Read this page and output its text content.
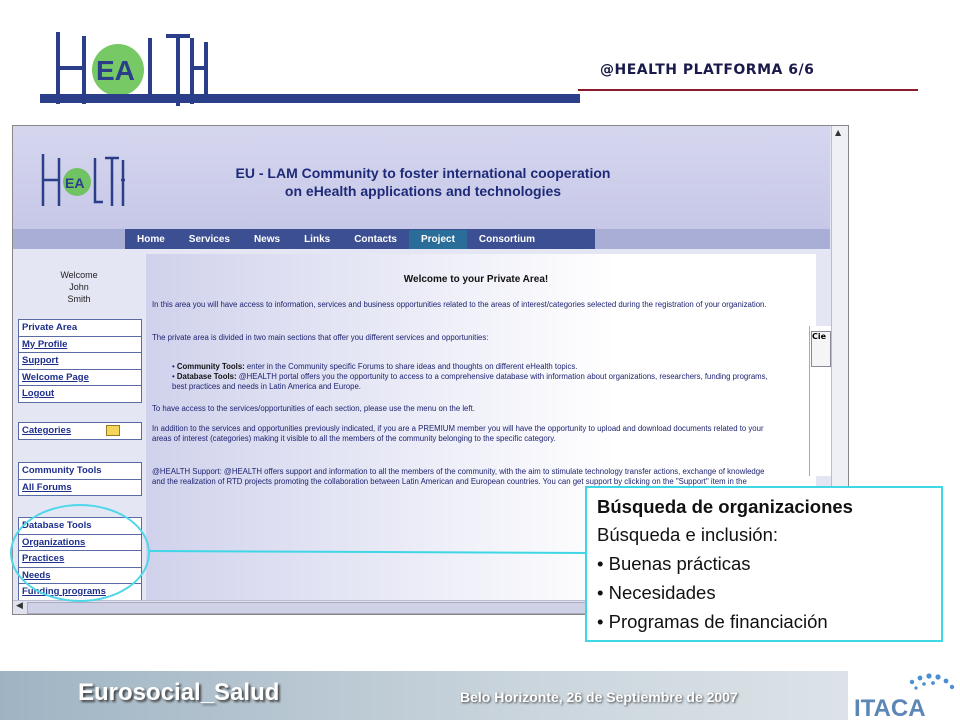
EA	@HEALTH PLATFORMA 6/6
EA
EU - LAM Community to foster international cooperation
on eHealth applications and technologies
Home	Services	News	Links	Contacts	Project	Consortium
Welcome
John
Smith
Private Area
My Profile
Support
Welcome Page
Logout
Categories
Community Tools
All Forums
Database Tools
Organizations
Practices
Needs
Funding programs
Welcome to your Private Area!
In this area you will have access to information, services and business opportunities related to the areas of interest/categories selected during the registration of your organization.
The private area is divided in two main sections that offer you different services and opportunities:
• Community Tools: enter in the Community specific Forums to share ideas and thoughts on different eHealth topics.
• Database Tools: @HEALTH portal offers you the opportunity to access to a comprehensive database with information about organizations, researchers, funding programs, best practices and needs in Latin America and Europe.
To have access to the services/opportunities of each section, please use the menu on the left.
In addition to the services and opportunities previously indicated, if you are a PREMIUM member you will have the opportunity to upload and download documents related to your areas of interest (categories) making it visible to all the members of the community belonging to the specific category.
@HEALTH Support: @HEALTH offers support and information to all the members of the community, with the aim to stimulate technology transfer actions, exchange of knowledge and the realization of RTD projects promoting the collaboration between Latin American and European countries. You can get support by clicking on the "Support" item in the
Cie
▲
◀
Búsqueda de organizaciones
Búsqueda e inclusión:
• Buenas prácticas
• Necesidades
• Programas de financiación
Eurosocial_Salud	Belo Horizonte, 26 de Septiembre de 2007	ITACA
